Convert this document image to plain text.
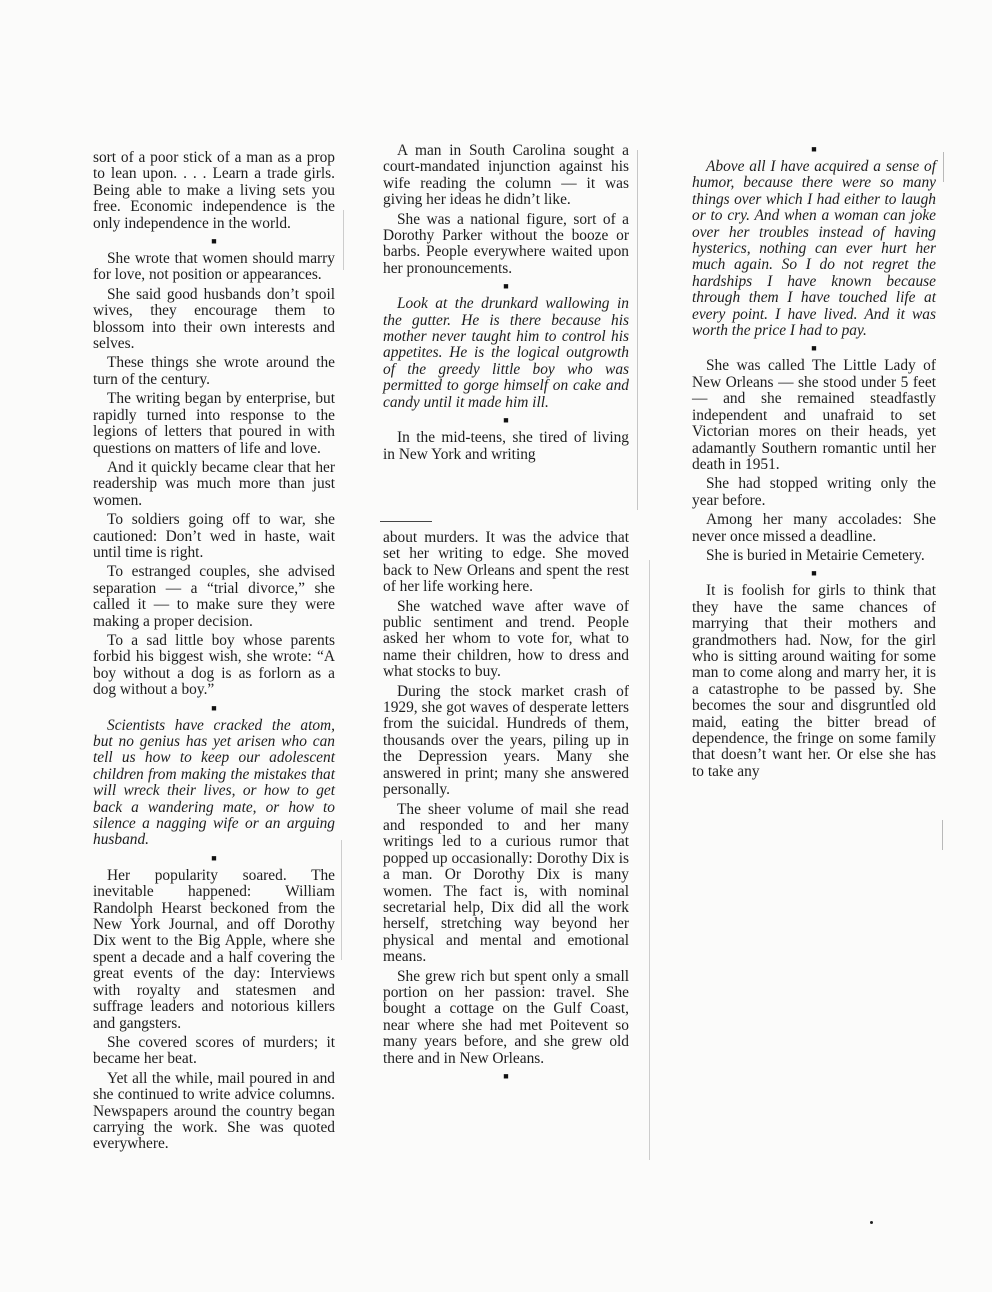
sort of a poor stick of a man as a prop to lean upon. . . . Learn a trade girls. Being able to make a living sets you free. Economic independence is the only independence in the world.

■

She wrote that women should marry for love, not position or appearances.

She said good husbands don’t spoil wives, they encourage them to blossom into their own interests and selves.

These things she wrote around the turn of the century.

The writing began by enterprise, but rapidly turned into response to the legions of letters that poured in with questions on matters of life and love.

And it quickly became clear that her readership was much more than just women.

To soldiers going off to war, she cautioned: Don’t wed in haste, wait until time is right.

To estranged couples, she advised separation — a “trial divorce,” she called it — to make sure they were making a proper decision.

To a sad little boy whose parents forbid his biggest wish, she wrote: “A boy without a dog is as forlorn as a dog without a boy.”

■

Scientists have cracked the atom, but no genius has yet arisen who can tell us how to keep our adolescent children from making the mistakes that will wreck their lives, or how to get back a wandering mate, or how to silence a nagging wife or an arguing husband.

■

Her popularity soared. The inevitable happened: William Randolph Hearst beckoned from the New York Journal, and off Dorothy Dix went to the Big Apple, where she spent a decade and a half covering the great events of the day: Interviews with royalty and statesmen and suffrage leaders and notorious killers and gangsters.

She covered scores of murders; it became her beat.

Yet all the while, mail poured in and she continued to write advice columns. Newspapers around the country began carrying the work. She was quoted everywhere.

A man in South Carolina sought a court-mandated injunction against his wife reading the column — it was giving her ideas he didn’t like.

She was a national figure, sort of a Dorothy Parker without the booze or barbs. People everywhere waited upon her pronouncements.

■

Look at the drunkard wallowing in the gutter. He is there because his mother never taught him to control his appetites. He is the logical outgrowth of the greedy little boy who was permitted to gorge himself on cake and candy until it made him ill.

■

In the mid-teens, she tired of living in New York and writing

about murders. It was the advice that set her writing to edge. She moved back to New Orleans and spent the rest of her life working here.

She watched wave after wave of public sentiment and trend. People asked her whom to vote for, what to name their children, how to dress and what stocks to buy.

During the stock market crash of 1929, she got waves of desperate letters from the suicidal. Hundreds of them, thousands over the years, piling up in the Depression years. Many she answered in print; many she answered personally.

The sheer volume of mail she read and responded to and her many writings led to a curious rumor that popped up occasionally: Dorothy Dix is a man. Or Dorothy Dix is many women. The fact is, with nominal secretarial help, Dix did all the work herself, stretching way beyond her physical and mental and emotional means.

She grew rich but spent only a small portion on her passion: travel. She bought a cottage on the Gulf Coast, near where she had met Poitevent so many years before, and she grew old there and in New Orleans.

■
■

Above all I have acquired a sense of humor, because there were so many things over which I had either to laugh or to cry. And when a woman can joke over her troubles instead of having hysterics, nothing can ever hurt her much again. So I do not regret the hardships I have known because through them I have touched life at every point. I have lived. And it was worth the price I had to pay.

■

She was called The Little Lady of New Orleans — she stood under 5 feet — and she remained steadfastly independent and unafraid to set Victorian mores on their heads, yet adamantly Southern romantic until her death in 1951.

She had stopped writing only the year before.

Among her many accolades: She never once missed a deadline.

She is buried in Metairie Cemetery.

■

It is foolish for girls to think that they have the same chances of marrying that their mothers and grandmothers had. Now, for the girl who is sitting around waiting for some man to come along and marry her, it is a catastrophe to be passed by. She becomes the sour and disgruntled old maid, eating the bitter bread of dependence, the fringe on some family that doesn’t want her. Or else she has to take any
